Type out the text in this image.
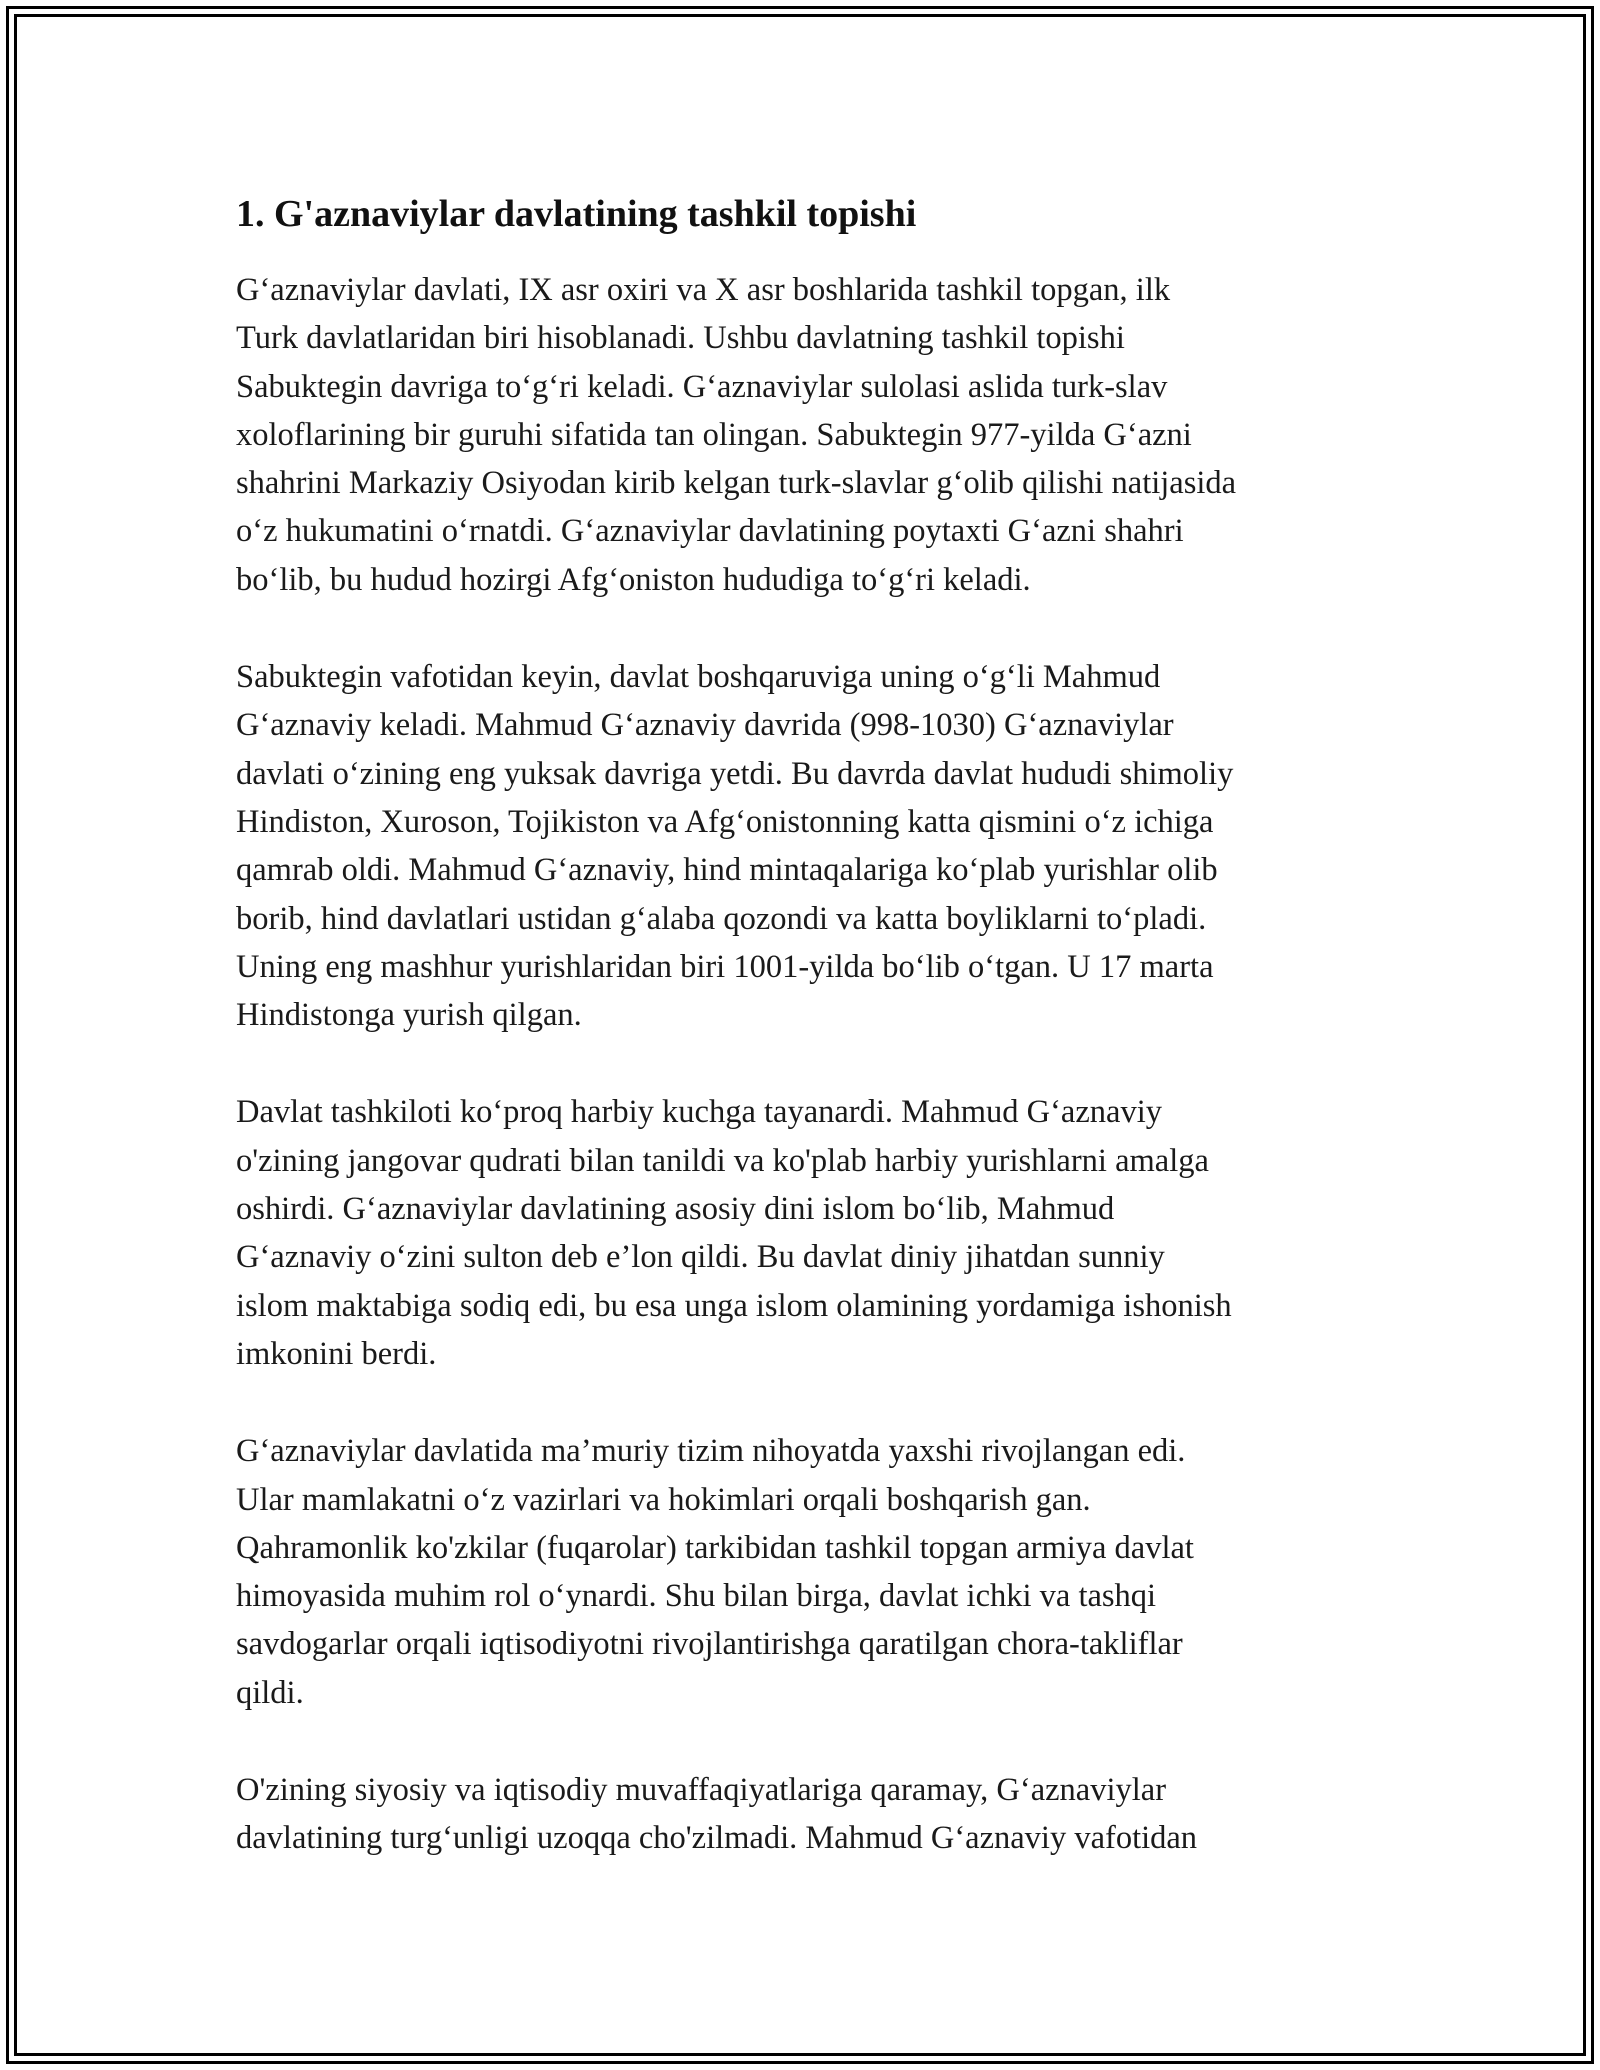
1. G'aznaviylar davlatining tashkil topishi

G‘aznaviylar davlati, IX asr oxiri va X asr boshlarida tashkil topgan, ilk
Turk davlatlaridan biri hisoblanadi. Ushbu davlatning tashkil topishi
Sabuktegin davriga to‘g‘ri keladi. G‘aznaviylar sulolasi aslida turk-slav
xoloflarining bir guruhi sifatida tan olingan. Sabuktegin 977-yilda G‘azni
shahrini Markaziy Osiyodan kirib kelgan turk-slavlar g‘olib qilishi natijasida
o‘z hukumatini o‘rnatdi. G‘aznaviylar davlatining poytaxti G‘azni shahri
bo‘lib, bu hudud hozirgi Afg‘oniston hududiga to‘g‘ri keladi.

Sabuktegin vafotidan keyin, davlat boshqaruviga uning o‘g‘li Mahmud
G‘aznaviy keladi. Mahmud G‘aznaviy davrida (998-1030) G‘aznaviylar
davlati o‘zining eng yuksak davriga yetdi. Bu davrda davlat hududi shimoliy
Hindiston, Xuroson, Tojikiston va Afg‘onistonning katta qismini o‘z ichiga
qamrab oldi. Mahmud G‘aznaviy, hind mintaqalariga ko‘plab yurishlar olib
borib, hind davlatlari ustidan g‘alaba qozondi va katta boyliklarni to‘pladi.
Uning eng mashhur yurishlaridan biri 1001-yilda bo‘lib o‘tgan. U 17 marta
Hindistonga yurish qilgan.

Davlat tashkiloti ko‘proq harbiy kuchga tayanardi. Mahmud G‘aznaviy
o'zining jangovar qudrati bilan tanildi va ko'plab harbiy yurishlarni amalga
oshirdi. G‘aznaviylar davlatining asosiy dini islom bo‘lib, Mahmud
G‘aznaviy o‘zini sulton deb e’lon qildi. Bu davlat diniy jihatdan sunniy
islom maktabiga sodiq edi, bu esa unga islom olamining yordamiga ishonish
imkonini berdi.

G‘aznaviylar davlatida ma’muriy tizim nihoyatda yaxshi rivojlangan edi.
Ular mamlakatni o‘z vazirlari va hokimlari orqali boshqarish gan.
Qahramonlik ko'zkilar (fuqarolar) tarkibidan tashkil topgan armiya davlat
himoyasida muhim rol o‘ynardi. Shu bilan birga, davlat ichki va tashqi
savdogarlar orqali iqtisodiyotni rivojlantirishga qaratilgan chora-takliflar
qildi.

O'zining siyosiy va iqtisodiy muvaffaqiyatlariga qaramay, G‘aznaviylar
davlatining turg‘unligi uzoqqa cho'zilmadi. Mahmud G‘aznaviy vafotidan
